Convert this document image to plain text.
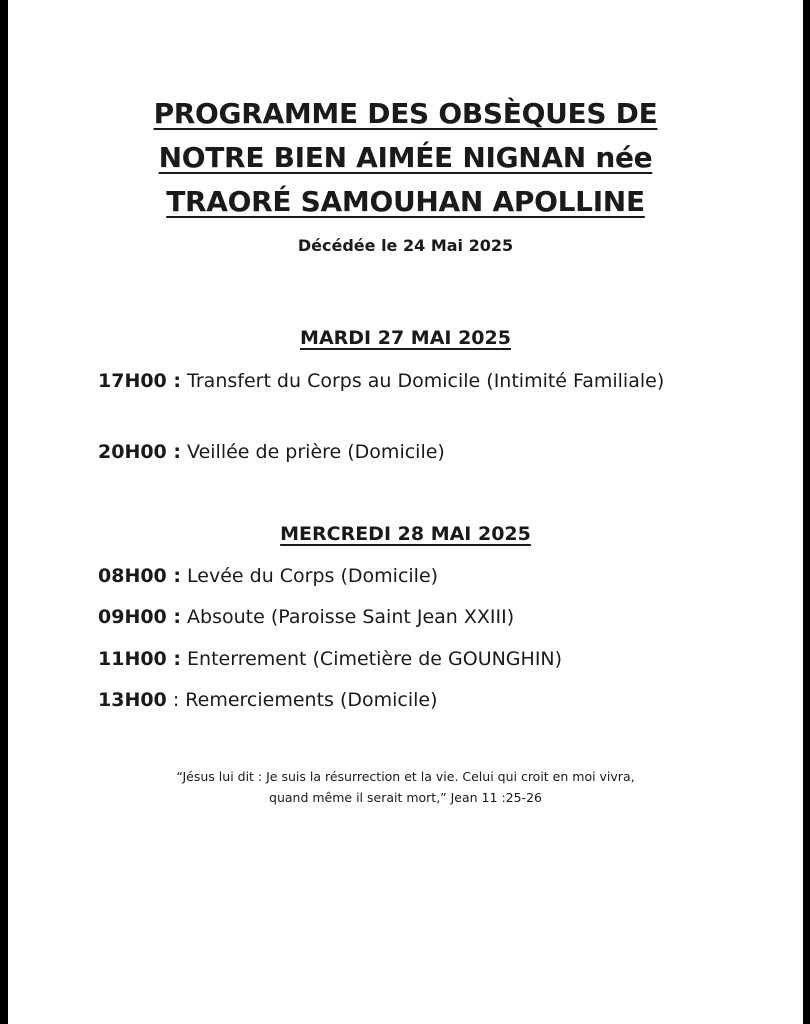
PROGRAMME DES OBSÈQUES DE
NOTRE BIEN AIMÉE NIGNAN née
TRAORÉ SAMOUHAN APOLLINE
Décédée le 24 Mai 2025
MARDI 27 MAI 2025
17H00 : Transfert du Corps au Domicile (Intimité Familiale)
20H00 : Veillée de prière (Domicile)
MERCREDI 28 MAI 2025
08H00 : Levée du Corps (Domicile)
09H00 : Absoute (Paroisse Saint Jean XXIII)
11H00 : Enterrement (Cimetière de GOUNGHIN)
13H00 : Remerciements (Domicile)
“Jésus lui dit : Je suis la résurrection et la vie. Celui qui croit en moi vivra,
quand même il serait mort,” Jean 11 :25-26
